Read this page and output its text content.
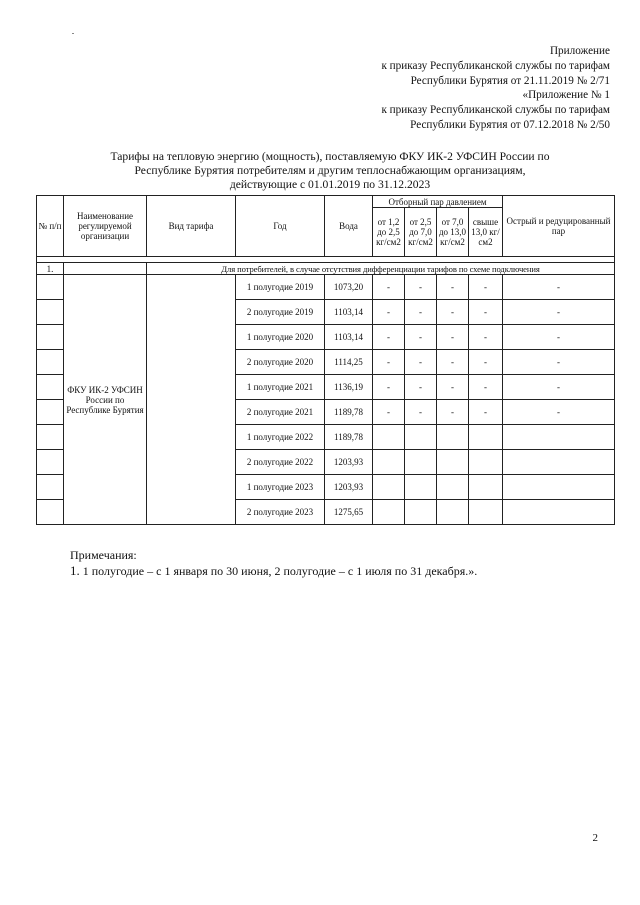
Приложение
к приказу Республиканской службы по тарифам
Республики Бурятия от 21.11.2019 № 2/71
«Приложение № 1
к приказу Республиканской службы по тарифам
Республики Бурятия от 07.12.2018 № 2/50
Тарифы на тепловую энергию (мощность), поставляемую ФКУ ИК-2 УФСИН России по
Республике Бурятия потребителям и другим теплоснабжающим организациям,
действующие с 01.01.2019 по 31.12.2023
№ п/п	Наименование регулируемой организации	Вид тарифа	Год	Вода	Отборный пар давлением				Острый и редуцированный пар
					от 1,2 до 2,5 кг/см2	от 2,5 до 7,0 кг/см2	от 7,0 до 13,0 кг/см2	свыше 13,0 кг/см2	

1.		Для потребителей, в случае отсутствия дифференциации тарифов по схеме подключения							
	ФКУ ИК-2 УФСИН России по Республике Бурятия		1 полугодие 2019	1073,20	-	-	-	-	-
			2 полугодие 2019	1103,14	-	-	-	-	-
			1 полугодие 2020	1103,14	-	-	-	-	-
			2 полугодие 2020	1114,25	-	-	-	-	-
			1 полугодие 2021	1136,19	-	-	-	-	-
			2 полугодие 2021	1189,78	-	-	-	-	-
			1 полугодие 2022	1189,78					
			2 полугодие 2022	1203,93					
			1 полугодие 2023	1203,93					
			2 полугодие 2023	1275,65					
Примечания:
1. 1 полугодие – с 1 января по 30 июня, 2 полугодие – с 1 июля по 31 декабря.».
2
